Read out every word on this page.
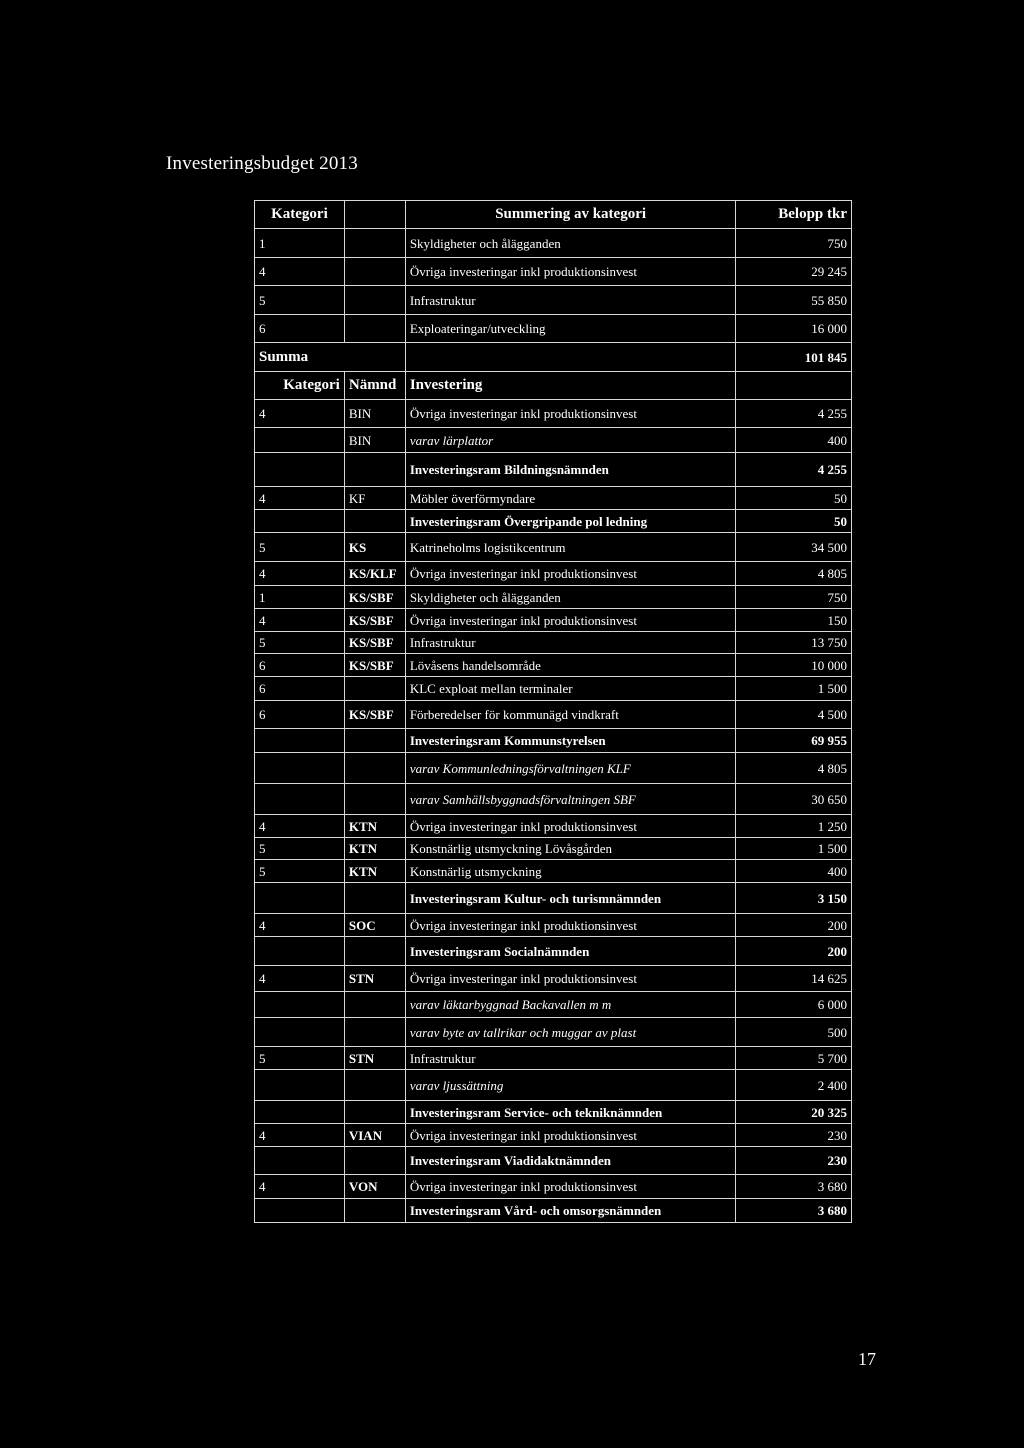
Investeringsbudget 2013
Kategori		Summering av kategori	Belopp tkr
1		Skyldigheter och ålägganden	750
4		Övriga investeringar inkl produktionsinvest	29 245
5		Infrastruktur	55 850
6		Exploateringar/utveckling	16 000
Summa			101 845
Kategori	Nämnd	Investering	
4	BIN	Övriga investeringar inkl produktionsinvest	4 255
	BIN	varav lärplattor	400
		Investeringsram Bildningsnämnden	4 255
4	KF	Möbler överförmyndare	50
		Investeringsram Övergripande pol ledning	50
5	KS	Katrineholms logistikcentrum	34 500
4	KS/KLF	Övriga investeringar inkl produktionsinvest	4 805
1	KS/SBF	Skyldigheter och ålägganden	750
4	KS/SBF	Övriga investeringar inkl produktionsinvest	150
5	KS/SBF	Infrastruktur	13 750
6	KS/SBF	Lövåsens handelsområde	10 000
6		KLC exploat mellan terminaler	1 500
6	KS/SBF	Förberedelser för kommunägd vindkraft	4 500
		Investeringsram Kommunstyrelsen	69 955
		varav Kommunledningsförvaltningen KLF	4 805
		varav Samhällsbyggnadsförvaltningen SBF	30 650
4	KTN	Övriga investeringar inkl produktionsinvest	1 250
5	KTN	Konstnärlig utsmyckning Lövåsgården	1 500
5	KTN	Konstnärlig utsmyckning	400
		Investeringsram Kultur- och turismnämnden	3 150
4	SOC	Övriga investeringar inkl produktionsinvest	200
		Investeringsram Socialnämnden	200
4	STN	Övriga investeringar inkl produktionsinvest	14 625
		varav läktarbyggnad Backavallen m m	6 000
		varav byte av tallrikar och muggar av plast	500
5	STN	Infrastruktur	5 700
		varav ljussättning	2 400
		Investeringsram Service- och tekniknämnden	20 325
4	VIAN	Övriga investeringar inkl produktionsinvest	230
		Investeringsram Viadidaktnämnden	230
4	VON	Övriga investeringar inkl produktionsinvest	3 680
		Investeringsram Vård- och omsorgsnämnden	3 680
17
